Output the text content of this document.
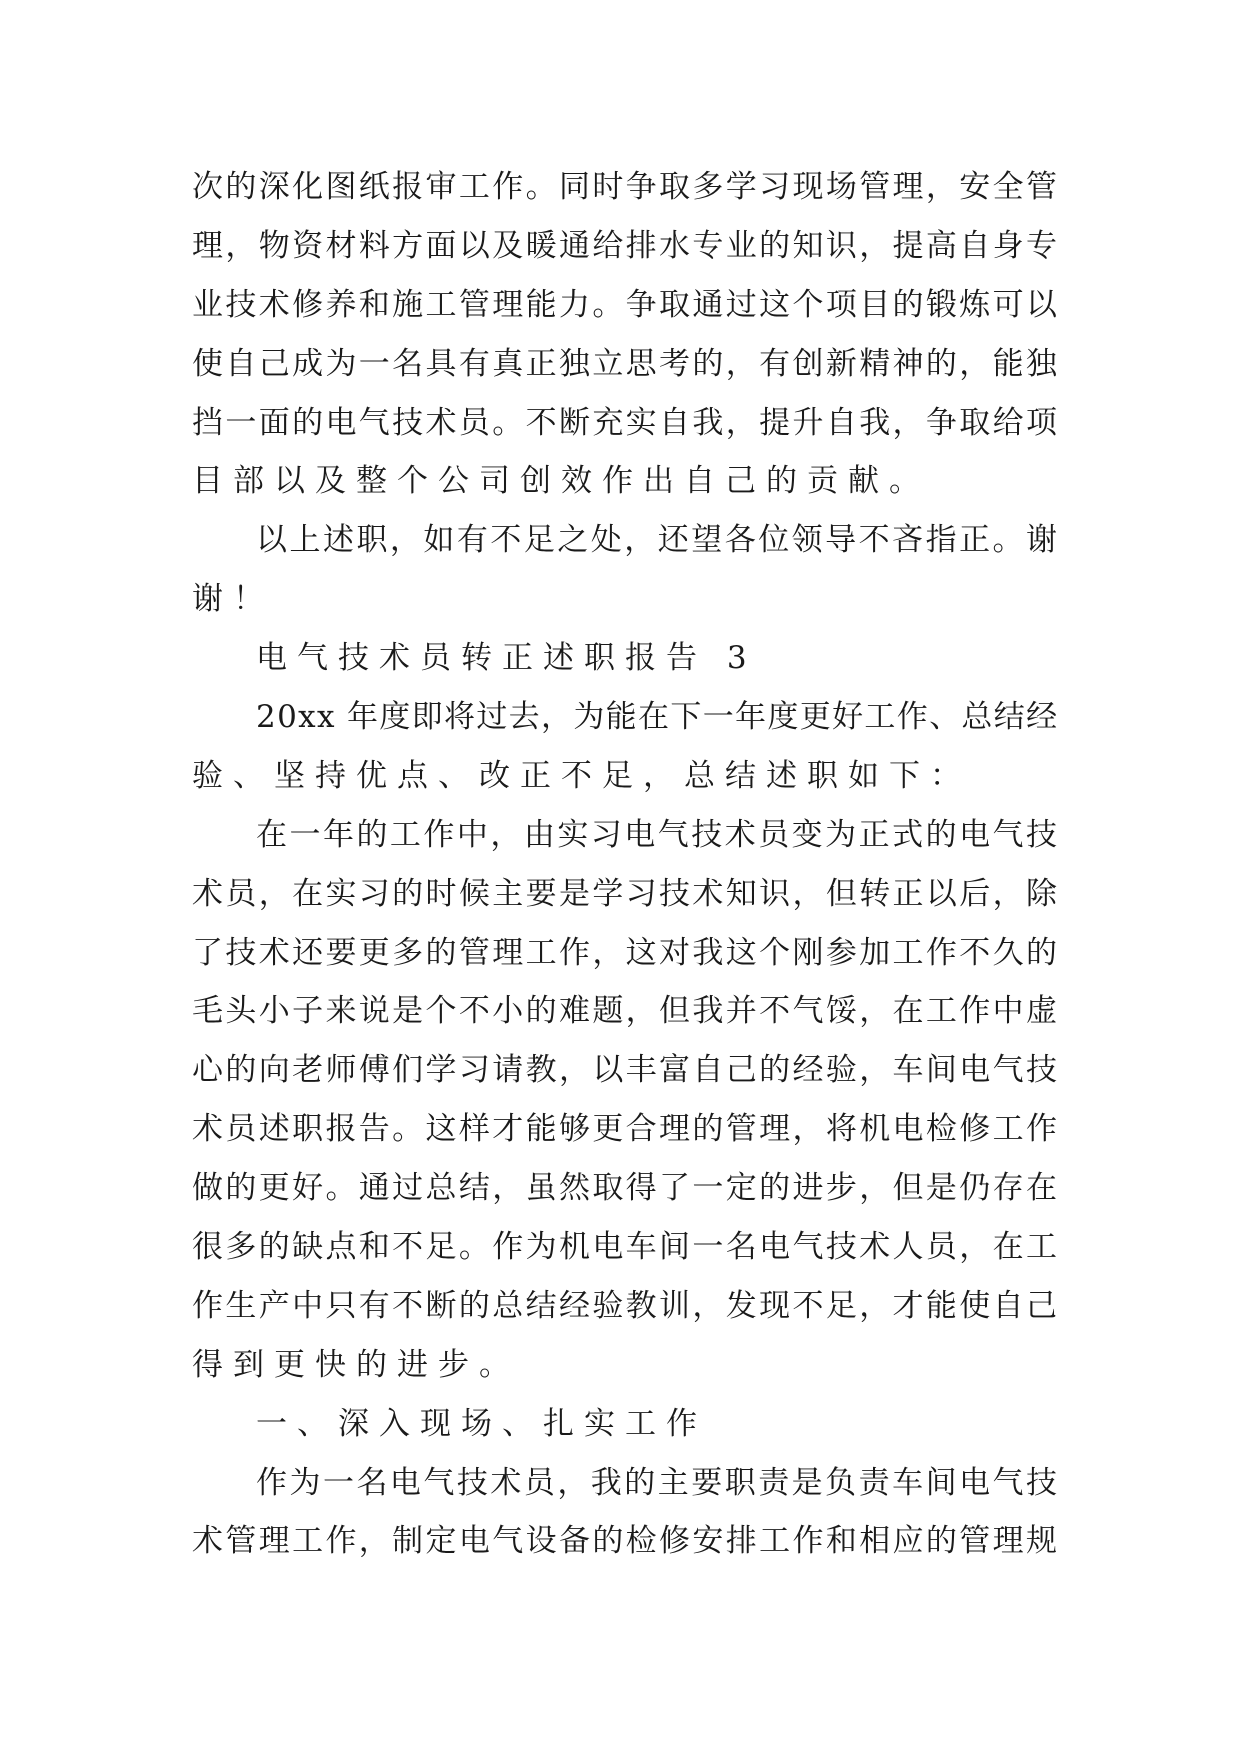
次的深化图纸报审工作。同时争取多学习现场管理，安全管
理，物资材料方面以及暖通给排水专业的知识，提高自身专
业技术修养和施工管理能力。争取通过这个项目的锻炼可以
使自己成为一名具有真正独立思考的，有创新精神的，能独
挡一面的电气技术员。不断充实自我，提升自我，争取给项
目部以及整个公司创效作出自己的贡献。
以上述职，如有不足之处，还望各位领导不吝指正。谢
谢！
电气技术员转正述职报告 3
20xx 年度即将过去，为能在下一年度更好工作、总结经
验、坚持优点、改正不足，总结述职如下：
在一年的工作中，由实习电气技术员变为正式的电气技
术员，在实习的时候主要是学习技术知识，但转正以后，除
了技术还要更多的管理工作，这对我这个刚参加工作不久的
毛头小子来说是个不小的难题，但我并不气馁，在工作中虚
心的向老师傅们学习请教，以丰富自己的经验，车间电气技
术员述职报告。这样才能够更合理的管理，将机电检修工作
做的更好。通过总结，虽然取得了一定的进步，但是仍存在
很多的缺点和不足。作为机电车间一名电气技术人员，在工
作生产中只有不断的总结经验教训，发现不足，才能使自己
得到更快的进步。
一、深入现场、扎实工作
作为一名电气技术员，我的主要职责是负责车间电气技
术管理工作，制定电气设备的检修安排工作和相应的管理规
